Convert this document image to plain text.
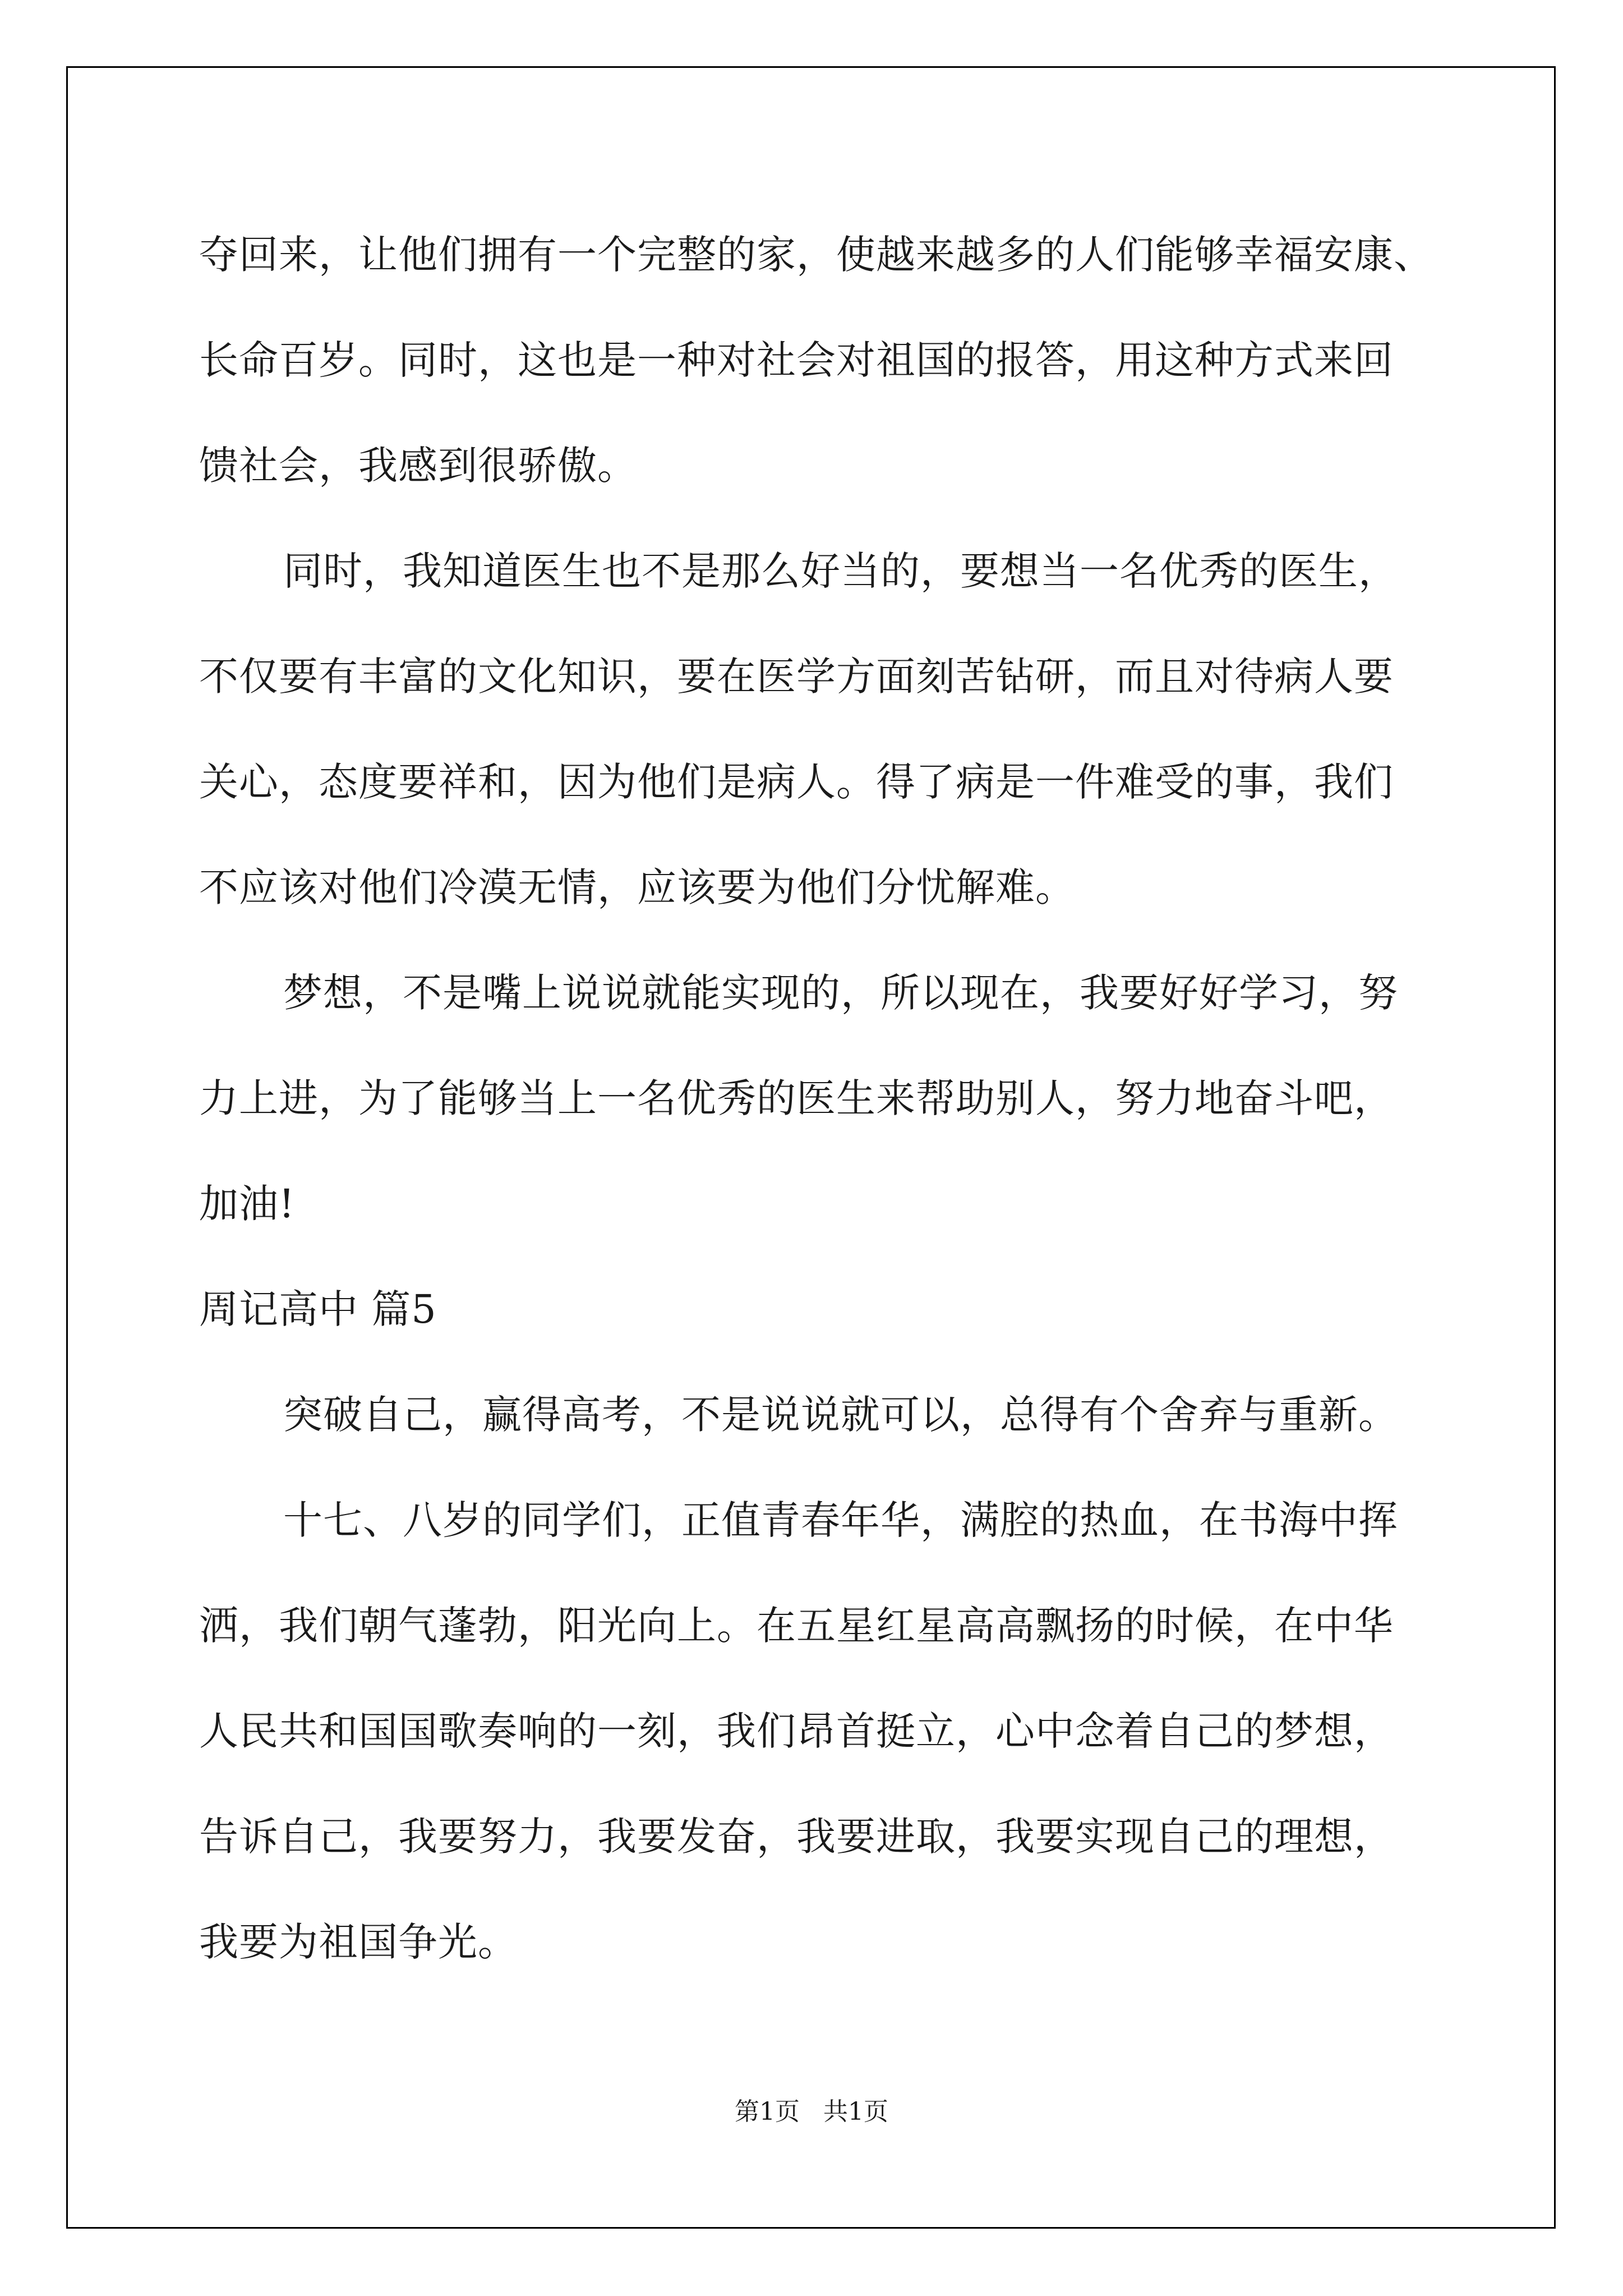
夺回来，让他们拥有一个完整的家，使越来越多的人们能够幸福安康、
长命百岁。同时，这也是一种对社会对祖国的报答，用这种方式来回
馈社会，我感到很骄傲。
同时，我知道医生也不是那么好当的，要想当一名优秀的医生，
不仅要有丰富的文化知识，要在医学方面刻苦钻研，而且对待病人要
关心，态度要祥和，因为他们是病人。得了病是一件难受的事，我们
不应该对他们冷漠无情，应该要为他们分忧解难。
梦想，不是嘴上说说就能实现的，所以现在，我要好好学习，努
力上进，为了能够当上一名优秀的医生来帮助别人，努力地奋斗吧，
加油!
周记高中 篇5
突破自己，赢得高考，不是说说就可以，总得有个舍弃与重新。
十七、八岁的同学们，正值青春年华，满腔的热血，在书海中挥
洒，我们朝气蓬勃，阳光向上。在五星红星高高飘扬的时候，在中华
人民共和国国歌奏响的一刻，我们昂首挺立，心中念着自己的梦想，
告诉自己，我要努力，我要发奋，我要进取，我要实现自己的理想，
我要为祖国争光。
第1页 共1页
